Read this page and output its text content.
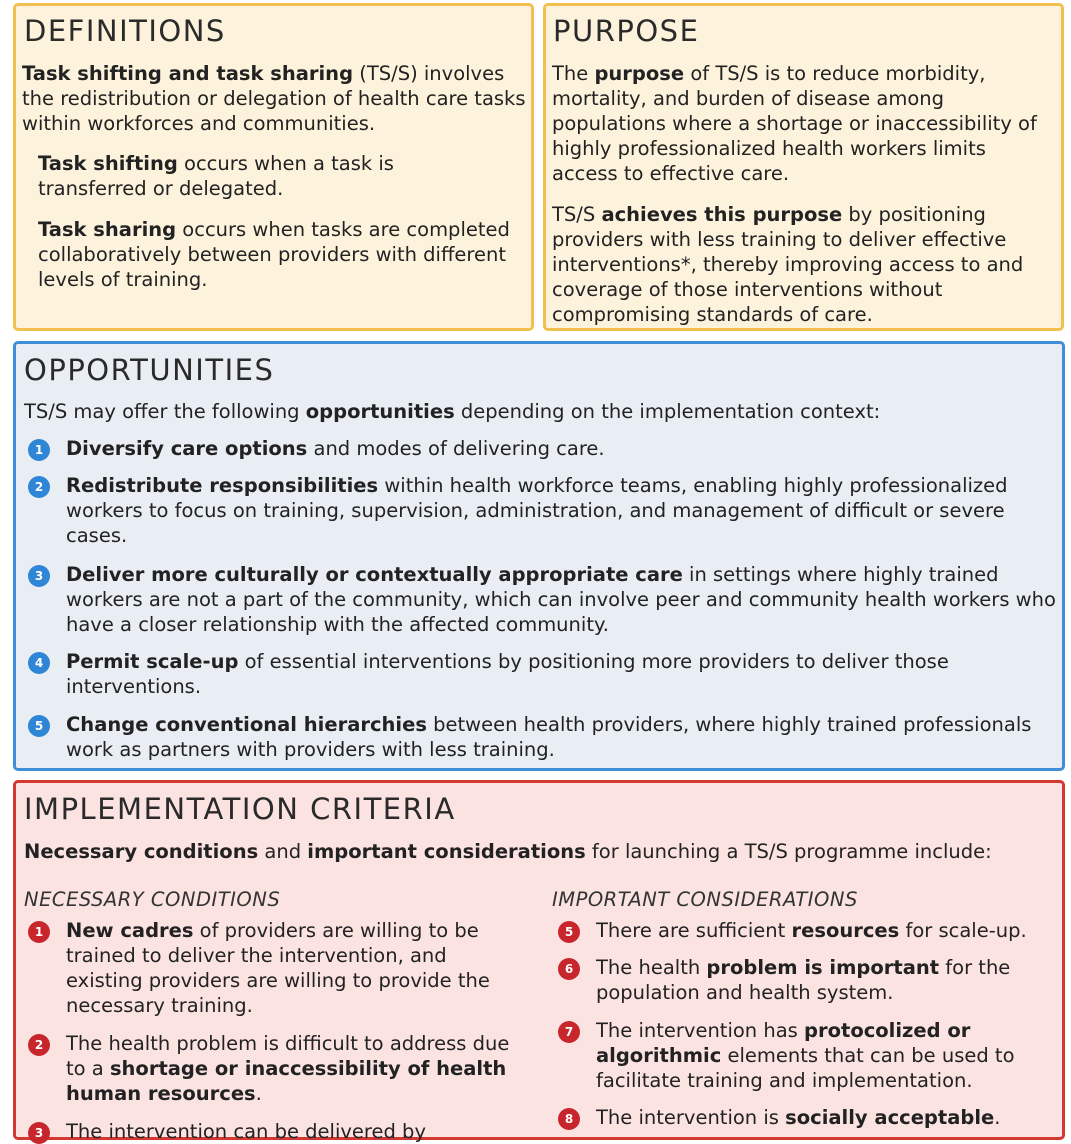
DEFINITIONS

Task shifting and task sharing (TS/S) involves the redistribution or delegation of health care tasks within workforces and communities.

Task shifting occurs when a task is transferred or delegated.

Task sharing occurs when tasks are completed collaboratively between providers with different levels of training.

PURPOSE

The purpose of TS/S is to reduce morbidity, mortality, and burden of disease among populations where a shortage or inaccessibility of highly professionalized health workers limits access to effective care.

TS/S achieves this purpose by positioning providers with less training to deliver effective interventions*, thereby improving access to and coverage of those interventions without compromising standards of care.

OPPORTUNITIES

TS/S may offer the following opportunities depending on the implementation context:

1	Diversify care options and modes of delivering care.
2	Redistribute responsibilities within health workforce teams, enabling highly professionalized workers to focus on training, supervision, administration, and management of difficult or severe cases.
3	Deliver more culturally or contextually appropriate care in settings where highly trained workers are not a part of the community, which can involve peer and community health workers who have a closer relationship with the affected community.
4	Permit scale-up of essential interventions by positioning more providers to deliver those interventions.
5	Change conventional hierarchies between health providers, where highly trained professionals work as partners with providers with less training.
IMPLEMENTATION CRITERIA

Necessary conditions and important considerations for launching a TS/S programme include:

NECESSARY CONDITIONS	IMPORTANT CONSIDERATIONS
1	New cadres of providers are willing to be trained to deliver the intervention, and existing providers are willing to provide the necessary training.
2	The health problem is difficult to address due to a shortage or inaccessibility of health human resources.
3	The intervention can be delivered by
5	There are sufficient resources for scale-up.
6	The health problem is important for the population and health system.
7	The intervention has protocolized or algorithmic elements that can be used to facilitate training and implementation.
8	The intervention is socially acceptable.
